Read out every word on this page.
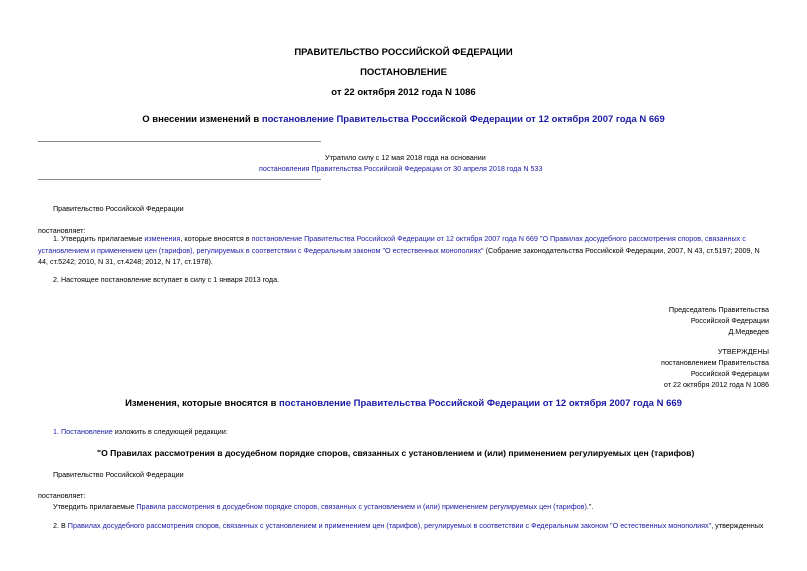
ПРАВИТЕЛЬСТВО РОССИЙСКОЙ ФЕДЕРАЦИИ
ПОСТАНОВЛЕНИЕ
от 22 октября 2012 года N 1086
О внесении изменений в постановление Правительства Российской Федерации от 12 октября 2007 года N 669
Утратило силу с 12 мая 2018 года на основании
постановления Правительства Российской Федерации от 30 апреля 2018 года N 533
Правительство Российской Федерации
постановляет:
1. Утвердить прилагаемые изменения, которые вносятся в постановление Правительства Российской Федерации от 12 октября 2007 года N 669 "О Правилах досудебного рассмотрения споров, связанных с установлением и применением цен (тарифов), регулируемых в соответствии с Федеральным законом "О естественных монополиях" (Собрание законодательства Российской Федерации, 2007, N 43, ст.5197; 2009, N 44, ст.5242; 2010, N 31, ст.4248; 2012, N 17, ст.1978).
2. Настоящее постановление вступает в силу с 1 января 2013 года.
Председатель Правительства
Российской Федерации
Д.Медведев
УТВЕРЖДЕНЫ
постановлением Правительства
Российской Федерации
от 22 октября 2012 года N 1086
Изменения, которые вносятся в постановление Правительства Российской Федерации от 12 октября 2007 года N 669
1. Постановление изложить в следующей редакции:
"О Правилах рассмотрения в досудебном порядке споров, связанных с установлением и (или) применением регулируемых цен (тарифов)
Правительство Российской Федерации
постановляет:
Утвердить прилагаемые Правила рассмотрения в досудебном порядке споров, связанных с установлением и (или) применением регулируемых цен (тарифов).".
2. В Правилах досудебного рассмотрения споров, связанных с установлением и применением цен (тарифов), регулируемых в соответствии с Федеральным законом "О естественных монополиях", утвержденных
